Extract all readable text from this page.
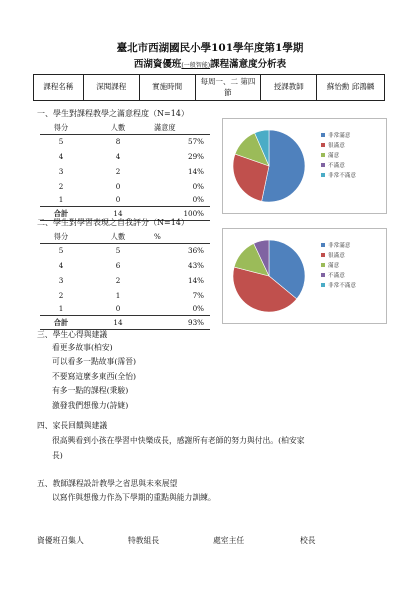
臺北市西湖國民小學101學年度第1學期
西湖資優班(一般智能)課程滿意度分析表
課程名稱	深閱課程	實施時間	每周一、二 第四節	授課教師	蘇怡勳 邱鴻麟
一、學生對課程教學之滿意程度（N=14）
得分	人數	滿意度
5	8	57%
4	4	29%
3	2	14%
2	0	0%
1	0	0%
合計	14	100%
非常滿意
很滿意
滿意
不滿意
非常不滿意
二、學生對學習表現之自我評分（N=14）
得分	人數	%
5	5	36%
4	6	43%
3	2	14%
2	1	7%
1	0	0%
合計	14	93%
非常滿意
很滿意
滿意
不滿意
非常不滿意
三、學生心得與建議
看更多故事(柏安)
可以看多一點故事(霈晉)
不要寫這麼多東西(全怡)
有多一點的課程(秉駿)
激發我們想像力(詩婕)
四、家長回饋與建議
很高興看到小孩在學習中快樂成長，感謝所有老師的努力與付出。(柏安家
長)
五、教師課程設計教學之省思與未來展望
以寫作與想像力作為下學期的重點與能力訓練。
資優班召集人	特教組長	處室主任	校長
